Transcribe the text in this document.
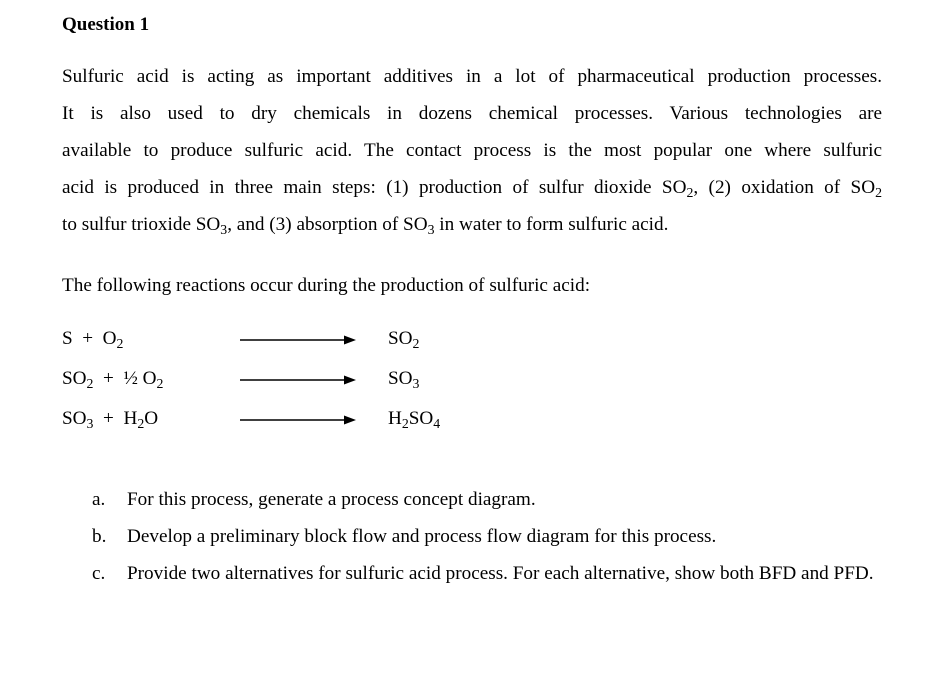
Question 1
Sulfuric acid is acting as important additives in a lot of pharmaceutical production processes.
It is also used to dry chemicals in dozens chemical processes. Various technologies are
available to produce sulfuric acid. The contact process is the most popular one where sulfuric
acid is produced in three main steps: (1) production of sulfur dioxide $SO_2$, (2) oxidation of $SO_2$
to sulfur trioxide $SO_3$, and (3) absorption of $SO_3$ in water to form sulfuric acid.

The following reactions occur during the production of sulfuric acid:

$S + O_2$	$SO_2$
$SO_2$  +  ½ $O_2$	$SO_3$
$SO_3 + H_2O$	$H_2SO_4$
a. For this process, generate a process concept diagram.
b. Develop a preliminary block flow and process flow diagram for this process.
c. Provide two alternatives for sulfuric acid process. For each alternative, show both BFD and PFD.
